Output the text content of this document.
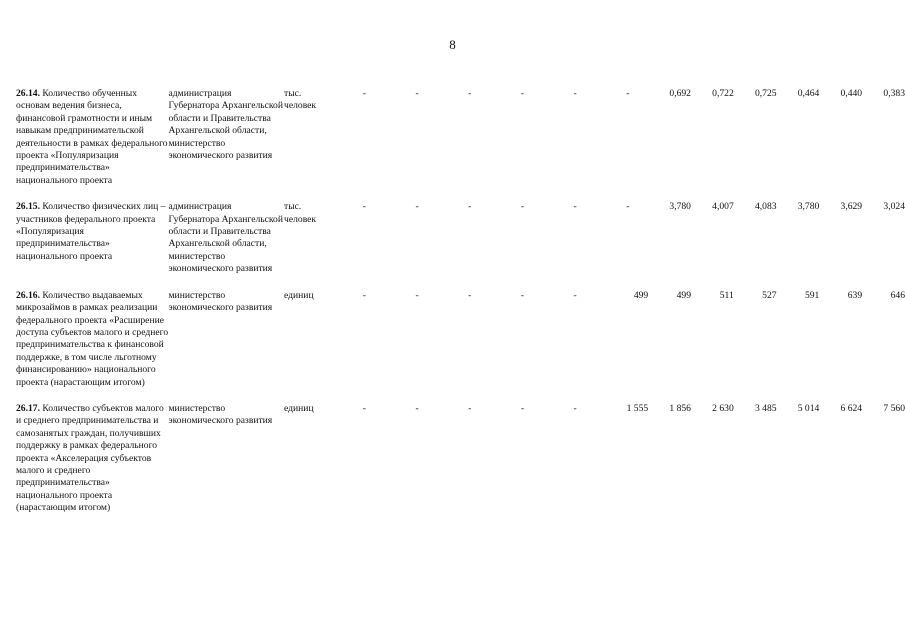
8
26.14. Количество обученных основам ведения бизнеса, финансовой грамотности и иным навыкам предпринимательской деятельности в рамках федерального проекта «Популяризация предпринимательства» национального проекта	администрация Губернатора Архангельской области и Правительства Архангельской области, министерство экономического развития	тыс. человек	-	-	-	-	-	-	0,692	0,722	0,725	0,464	0,440	0,383

26.15. Количество физических лиц – участников федерального проекта «Популяризация предпринимательства» национального проекта	администрация Губернатора Архангельской области и Правительства Архангельской области, министерство экономического развития	тыс. человек	-	-	-	-	-	-	3,780	4,007	4,083	3,780	3,629	3,024

26.16. Количество выдаваемых микрозаймов в рамках реализации федерального проекта «Расширение доступа субъектов малого и среднего предпринимательства к финансовой поддержке, в том числе льготному финансированию» национального проекта (нарастающим итогом)	министерство экономического развития	единиц	-	-	-	-	-	499	499	511	527	591	639	646

26.17. Количество субъектов малого и среднего предпринимательства и самозанятых граждан, получивших поддержку в рамках федерального проекта «Акселерация субъектов малого и среднего предпринимательства» национального проекта (нарастающим итогом)	министерство экономического развития	единиц	-	-	-	-	-	1 555	1 856	2 630	3 485	5 014	6 624	7 560
